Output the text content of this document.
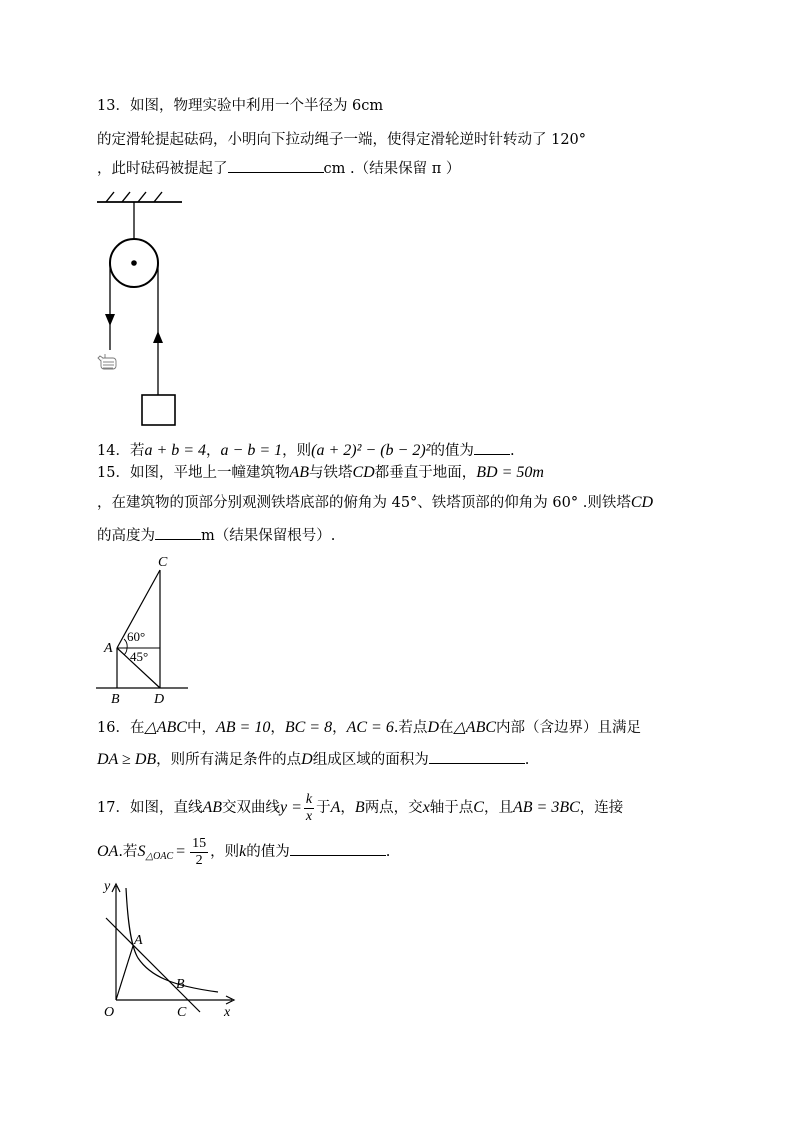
13．如图，物理实验中利用一个半径为 6cm
的定滑轮提起砝码，小明向下拉动绳子一端，使得定滑轮逆时针转动了 120°
，此时砝码被提起了	cm .（结果保留 π ）
14．若a + b = 4，a − b = 1，则(a + 2)² − (b − 2)²的值为 .
15．如图，平地上一幢建筑物AB与铁塔CD都垂直于地面，BD = 50m
，在建筑物的顶部分别观测铁塔底部的俯角为 45°、铁塔顶部的仰角为 60° .则铁塔CD
的高度为	m（结果保留根号）.
C
A
B D
60°
45°
16．在△ABC中，AB = 10，BC = 8，AC = 6.若点D在△ABC内部（含边界）且满足
DA ≥ DB，则所有满足条件的点D组成区域的面积为	.
17．如图，直线AB交双曲线$y = \frac{k}{x}$ 于A，B两点，交x轴于点C，且AB = 3BC，连接
OA.若$S_{\triangle OAC} = \frac{15}{2}$ ，则k的值为	.
A
B
O	C	x
y
